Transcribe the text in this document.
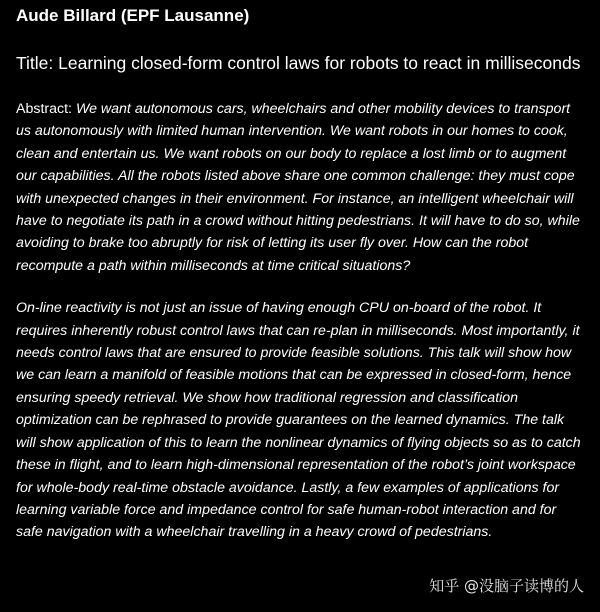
Aude Billard (EPF Lausanne)

Title: Learning closed-form control laws for robots to react in milliseconds

Abstract: We want autonomous cars, wheelchairs and other mobility devices to transport us autonomously with limited human intervention. We want robots in our homes to cook, clean and entertain us. We want robots on our body to replace a lost limb or to augment our capabilities. All the robots listed above share one common challenge: they must cope with unexpected changes in their environment. For instance, an intelligent wheelchair will have to negotiate its path in a crowd without hitting pedestrians. It will have to do so, while avoiding to brake too abruptly for risk of letting its user fly over. How can the robot recompute a path within milliseconds at time critical situations?

On-line reactivity is not just an issue of having enough CPU on-board of the robot. It requires inherently robust control laws that can re-plan in milliseconds. Most importantly, it needs control laws that are ensured to provide feasible solutions. This talk will show how we can learn a manifold of feasible motions that can be expressed in closed-form, hence ensuring speedy retrieval. We show how traditional regression and classification optimization can be rephrased to provide guarantees on the learned dynamics. The talk will show application of this to learn the nonlinear dynamics of flying objects so as to catch these in flight, and to learn high-dimensional representation of the robot’s joint workspace for whole-body real-time obstacle avoidance. Lastly, a few examples of applications for learning variable force and impedance control for safe human-robot interaction and for safe navigation with a wheelchair travelling in a heavy crowd of pedestrians.

知乎 @没脑子读博的人
